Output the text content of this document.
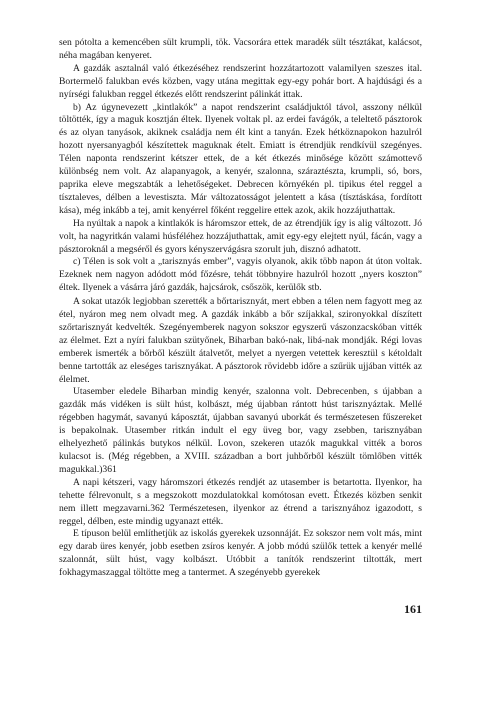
sen pótolta a kemencében sült krumpli, tök. Vacsorára ettek maradék sült tésztákat, kalácsot, néha magában kenyeret.

A gazdák asztalnál való étkezéséhez rendszerint hozzátartozott valamilyen szeszes ital. Bortermelő falukban evés közben, vagy utána megittak egy-egy pohár bort. A hajdúsági és a nyírségi falukban reggel étkezés előtt rendszerint pálinkát ittak.

b) Az úgynevezett „kintlakók” a napot rendszerint családjuktól távol, asszony nélkül töltötték, így a maguk kosztján éltek. Ilyenek voltak pl. az erdei favágók, a teleltető pásztorok és az olyan tanyások, akiknek családja nem élt kint a tanyán. Ezek hétköznapokon hazulról hozott nyersanyagból készítettek maguknak ételt. Emiatt is étrendjük rendkívül szegényes. Télen naponta rendszerint kétszer ettek, de a két étkezés minősége között számottevő különbség nem volt. Az alapanyagok, a kenyér, szalonna, száraztészta, krumpli, só, bors, paprika eleve megszabták a lehetőségeket. Debrecen környékén pl. tipikus étel reggel a tísztaleves, délben a levestiszta. Már változatosságot jelentett a kása (tísztáskása, fordított kása), még inkább a tej, amit kenyérrel főként reggelire ettek azok, akik hozzájuthattak.

Ha nyúltak a napok a kintlakók is háromszor ettek, de az étrendjük így is alig változott. Jó volt, ha nagyritkán valami húsféléhez hozzájuthattak, amit egy-egy elejtett nyúl, fácán, vagy a pásztoroknál a megséről és gyors kényszervágásra szorult juh, disznó adhatott.

c) Télen is sok volt a „tarisznyás ember”, vagyis olyanok, akik több napon át úton voltak. Ezeknek nem nagyon adódott mód főzésre, tehát többnyire hazulról hozott „nyers koszton” éltek. Ilyenek a vásárra járó gazdák, hajcsárok, csőszök, kerülők stb.

A sokat utazók legjobban szerették a bőrtarisznyát, mert ebben a télen nem fagyott meg az étel, nyáron meg nem olvadt meg. A gazdák inkább a bőr szíjakkal, szironyokkal díszített szőrtarisznyát kedvelték. Szegényemberek nagyon sokszor egyszerű vászonzacskóban vitték az élelmet. Ezt a nyíri falukban szütyőnek, Biharban bakó-nak, libá-nak mondják. Régi lovas emberek ismerték a bőrből készült átalvetőt, melyet a nyergen vetettek keresztül s kétoldalt benne tartották az eleséges tarisznyákat. A pásztorok rövidebb időre a szűrük ujjában vitték az élelmet.

Utasember eledele Biharban mindig kenyér, szalonna volt. Debrecenben, s újabban a gazdák más vidéken is sült húst, kolbászt, még újabban rántott húst tarisznyáztak. Mellé régebben hagymát, savanyú káposztát, újabban savanyú uborkát és természetesen fűszereket is bepakolnak. Utasember ritkán indult el egy üveg bor, vagy zsebben, tarisznyában elhelyezhető pálinkás butykos nélkül. Lovon, szekeren utazók magukkal vitték a boros kulacsot is. (Még régebben, a XVIII. században a bort juhbőrből készült tömlőben vitték magukkal.)361

A napi kétszeri, vagy háromszori étkezés rendjét az utasember is betartotta. Ilyenkor, ha tehette félrevonult, s a megszokott mozdulatokkal komótosan evett. Étkezés közben senkit nem illett megzavarni.362 Természetesen, ilyenkor az étrend a tarisznyához igazodott, s reggel, délben, este mindig ugyanazt ették.

E típuson belül említhetjük az iskolás gyerekek uzsonnáját. Ez sokszor nem volt más, mint egy darab üres kenyér, jobb esetben zsíros kenyér. A jobb módú szülők tettek a kenyér mellé szalonnát, sült húst, vagy kolbászt. Utóbbit a tanítók rendszerint tiltották, mert fokhagymaszaggal töltötte meg a tantermet. A szegényebb gyerekek

161
